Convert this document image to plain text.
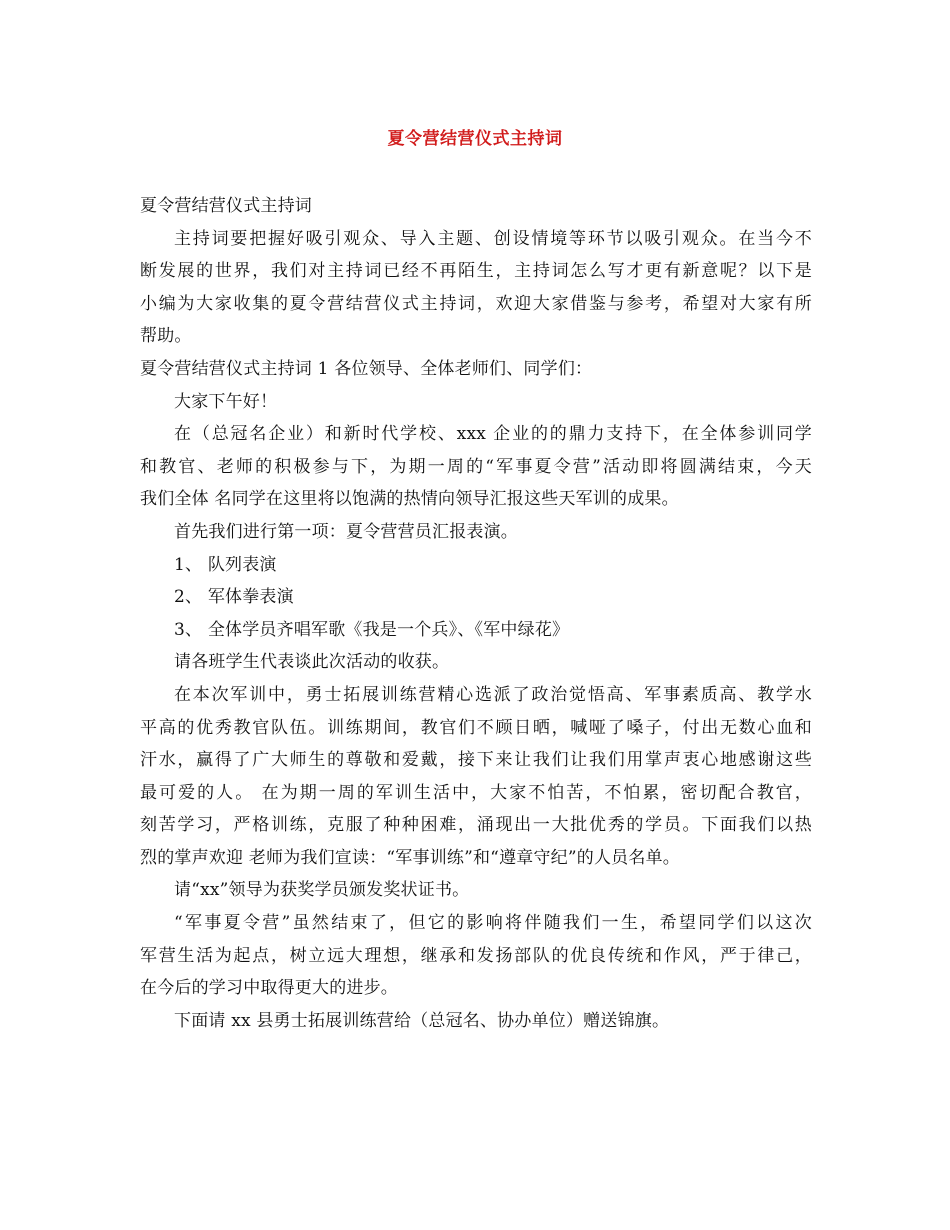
夏令营结营仪式主持词
夏令营结营仪式主持词
主持词要把握好吸引观众、导入主题、创设情境等环节以吸引观众。在当今不
断发展的世界，我们对主持词已经不再陌生，主持词怎么写才更有新意呢？以下是
小编为大家收集的夏令营结营仪式主持词，欢迎大家借鉴与参考，希望对大家有所
帮助。
夏令营结营仪式主持词 1 各位领导、全体老师们、同学们：
大家下午好！
在（总冠名企业）和新时代学校、xxx 企业的的鼎力支持下，在全体参训同学
和教官、老师的积极参与下，为期一周的“军事夏令营”活动即将圆满结束，今天
我们全体 名同学在这里将以饱满的热情向领导汇报这些天军训的成果。
首先我们进行第一项：夏令营营员汇报表演。
1、 队列表演
2、 军体拳表演
3、 全体学员齐唱军歌《我是一个兵》、《军中绿花》
请各班学生代表谈此次活动的收获。
在本次军训中，勇士拓展训练营精心选派了政治觉悟高、军事素质高、教学水
平高的优秀教官队伍。训练期间，教官们不顾日晒，喊哑了嗓子，付出无数心血和
汗水，赢得了广大师生的尊敬和爱戴，接下来让我们让我们用掌声衷心地感谢这些
最可爱的人。 在为期一周的军训生活中，大家不怕苦，不怕累，密切配合教官，
刻苦学习，严格训练，克服了种种困难，涌现出一大批优秀的学员。下面我们以热
烈的掌声欢迎 老师为我们宣读：“军事训练”和“遵章守纪”的人员名单。
请“xx”领导为获奖学员颁发奖状证书。
“军事夏令营”虽然结束了，但它的影响将伴随我们一生，希望同学们以这次
军营生活为起点，树立远大理想，继承和发扬部队的优良传统和作风，严于律己，
在今后的学习中取得更大的进步。
下面请 xx 县勇士拓展训练营给（总冠名、协办单位）赠送锦旗。
